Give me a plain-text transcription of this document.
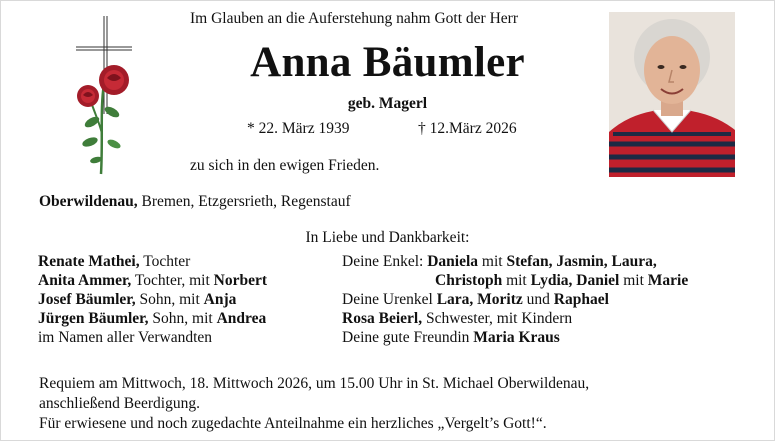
Im Glauben an die Auferstehung nahm Gott der Herr
Anna Bäumler
geb. Magerl
* 22. März 1939	† 12.März 2026
zu sich in den ewigen Frieden.
Oberwildenau, Bremen, Etzgersrieth, Regenstauf
In Liebe und Dankbarkeit:
Renate Mathei, Tochter
Anita Ammer, Tochter, mit Norbert
Josef Bäumler, Sohn, mit Anja
Jürgen Bäumler, Sohn, mit Andrea
im Namen aller Verwandten
Deine Enkel: Daniela mit Stefan, Jasmin, Laura,
Christoph mit Lydia, Daniel mit Marie
Deine Urenkel Lara, Moritz und Raphael
Rosa Beierl, Schwester, mit Kindern
Deine gute Freundin Maria Kraus
Requiem am Mittwoch, 18. Mittwoch 2026, um 15.00 Uhr in St. Michael Oberwildenau,
anschließend Beerdigung.
Für erwiesene und noch zugedachte Anteilnahme ein herzliches „Vergelt’s Gott!“.
